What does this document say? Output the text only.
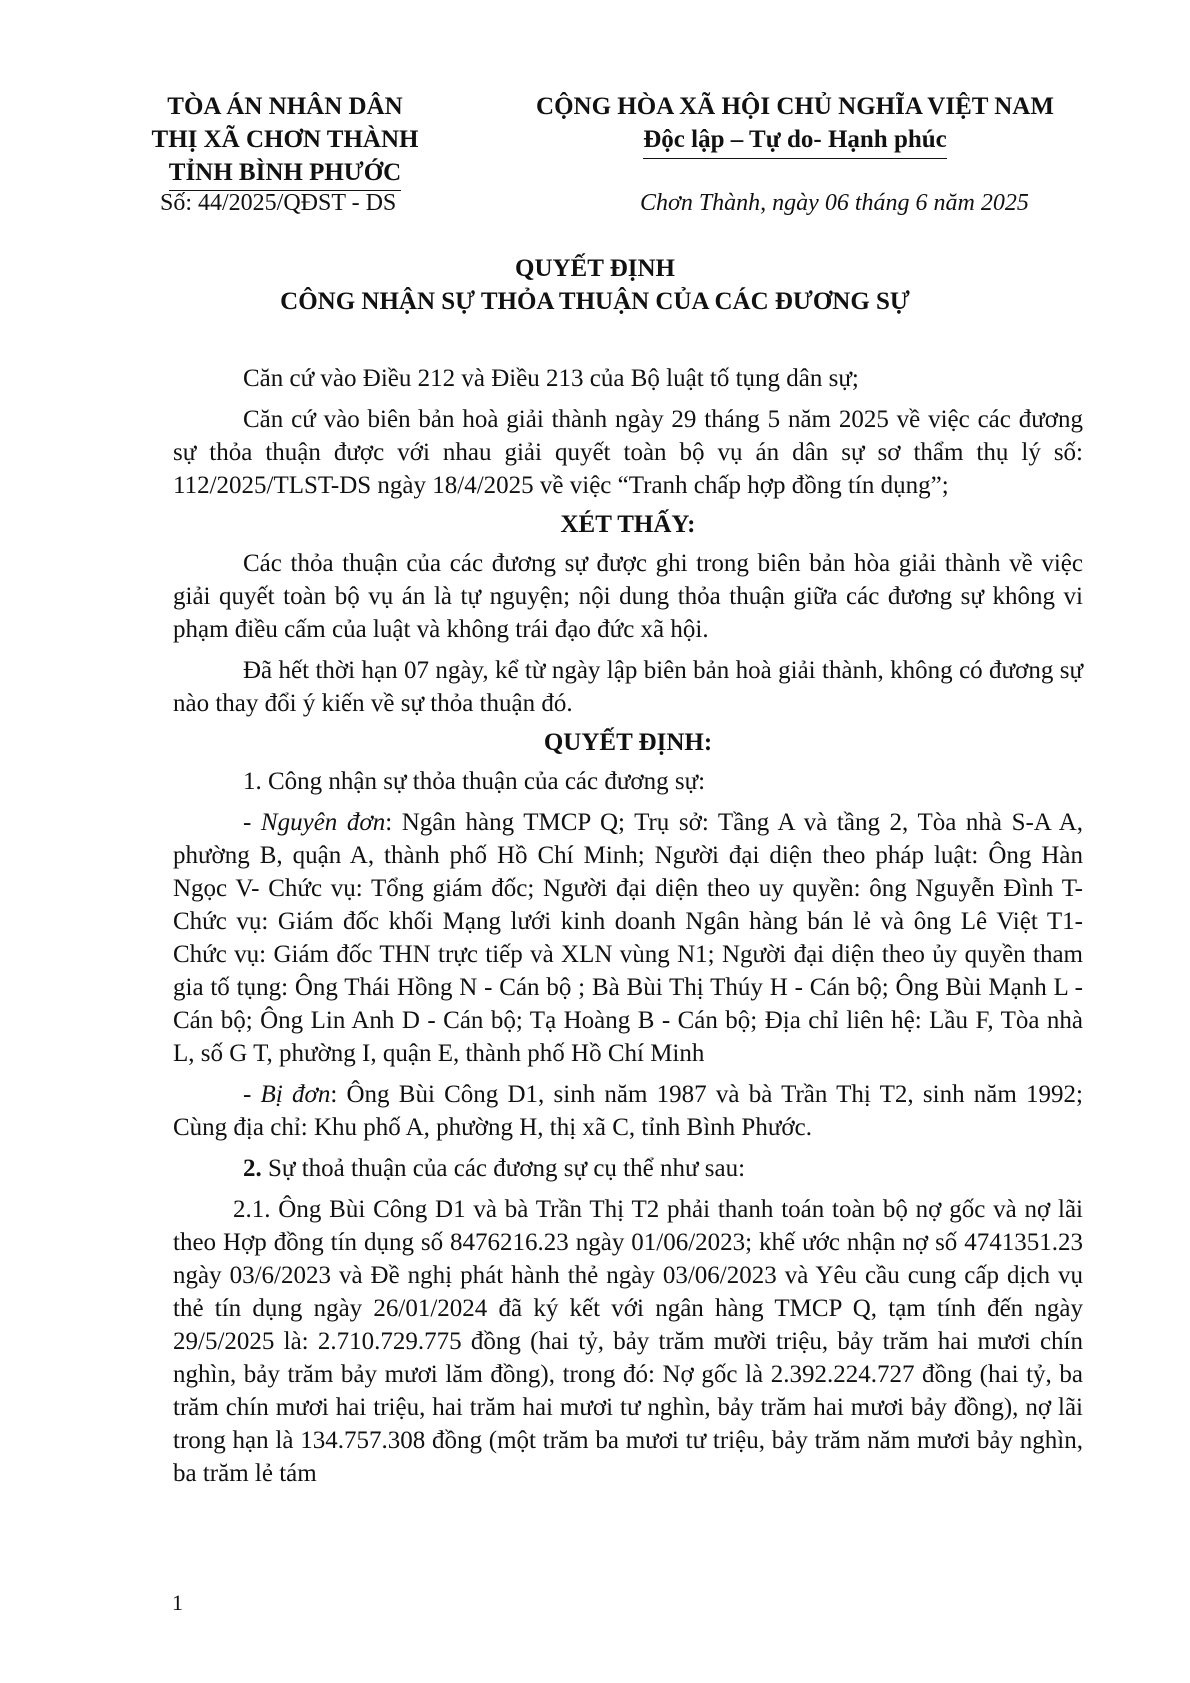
TÒA ÁN NHÂN DÂN
THỊ XÃ CHƠN THÀNH
TỈNH BÌNH PHƯỚC
CỘNG HÒA XÃ HỘI CHỦ NGHĨA VIỆT NAM
Độc lập – Tự do- Hạnh phúc
Số: 44/2025/QĐST - DS	Chơn Thành, ngày 06 tháng 6 năm 2025
QUYẾT ĐỊNH
CÔNG NHẬN SỰ THỎA THUẬN CỦA CÁC ĐƯƠNG SỰ

Căn cứ vào Điều 212 và Điều 213 của Bộ luật tố tụng dân sự;

Căn cứ vào biên bản hoà giải thành ngày 29 tháng 5 năm 2025 về việc các đương sự thỏa thuận được với nhau giải quyết toàn bộ vụ án dân sự sơ thẩm thụ lý số: 112/2025/TLST-DS ngày 18/4/2025 về việc “Tranh chấp hợp đồng tín dụng”;

XÉT THẤY:

Các thỏa thuận của các đương sự được ghi trong biên bản hòa giải thành về việc giải quyết toàn bộ vụ án là tự nguyện; nội dung thỏa thuận giữa các đương sự không vi phạm điều cấm của luật và không trái đạo đức xã hội.

Đã hết thời hạn 07 ngày, kể từ ngày lập biên bản hoà giải thành, không có đương sự nào thay đổi ý kiến về sự thỏa thuận đó.

QUYẾT ĐỊNH:

1. Công nhận sự thỏa thuận của các đương sự:

- Nguyên đơn: Ngân hàng TMCP Q; Trụ sở: Tầng A và tầng 2, Tòa nhà S-A A, phường B, quận A, thành phố Hồ Chí Minh; Người đại diện theo pháp luật: Ông Hàn Ngọc V- Chức vụ: Tổng giám đốc; Người đại diện theo uy quyền: ông Nguyễn Đình T- Chức vụ: Giám đốc khối Mạng lưới kinh doanh Ngân hàng bán lẻ và ông Lê Việt T1- Chức vụ: Giám đốc THN trực tiếp và XLN vùng N1; Người đại diện theo ủy quyền tham gia tố tụng: Ông Thái Hồng N - Cán bộ ; Bà Bùi Thị Thúy H - Cán bộ; Ông Bùi Mạnh L - Cán bộ; Ông Lin Anh D - Cán bộ; Tạ Hoàng B - Cán bộ; Địa chỉ liên hệ: Lầu F, Tòa nhà L, số G T, phường I, quận E, thành phố Hồ Chí Minh

- Bị đơn: Ông Bùi Công D1, sinh năm 1987 và bà Trần Thị T2, sinh năm 1992; Cùng địa chỉ: Khu phố A, phường H, thị xã C, tỉnh Bình Phước.

2. Sự thoả thuận của các đương sự cụ thể như sau:

2.1. Ông Bùi Công D1 và bà Trần Thị T2 phải thanh toán toàn bộ nợ gốc và nợ lãi theo Hợp đồng tín dụng số 8476216.23 ngày 01/06/2023; khế ước nhận nợ số 4741351.23 ngày 03/6/2023 và Đề nghị phát hành thẻ ngày 03/06/2023 và Yêu cầu cung cấp dịch vụ thẻ tín dụng ngày 26/01/2024 đã ký kết với ngân hàng TMCP Q, tạm tính đến ngày 29/5/2025 là: 2.710.729.775 đồng (hai tỷ, bảy trăm mười triệu, bảy trăm hai mươi chín nghìn, bảy trăm bảy mươi lăm đồng), trong đó: Nợ gốc là 2.392.224.727 đồng (hai tỷ, ba trăm chín mươi hai triệu, hai trăm hai mươi tư nghìn, bảy trăm hai mươi bảy đồng), nợ lãi trong hạn là 134.757.308 đồng (một trăm ba mươi tư triệu, bảy trăm năm mươi bảy nghìn, ba trăm lẻ tám

1
